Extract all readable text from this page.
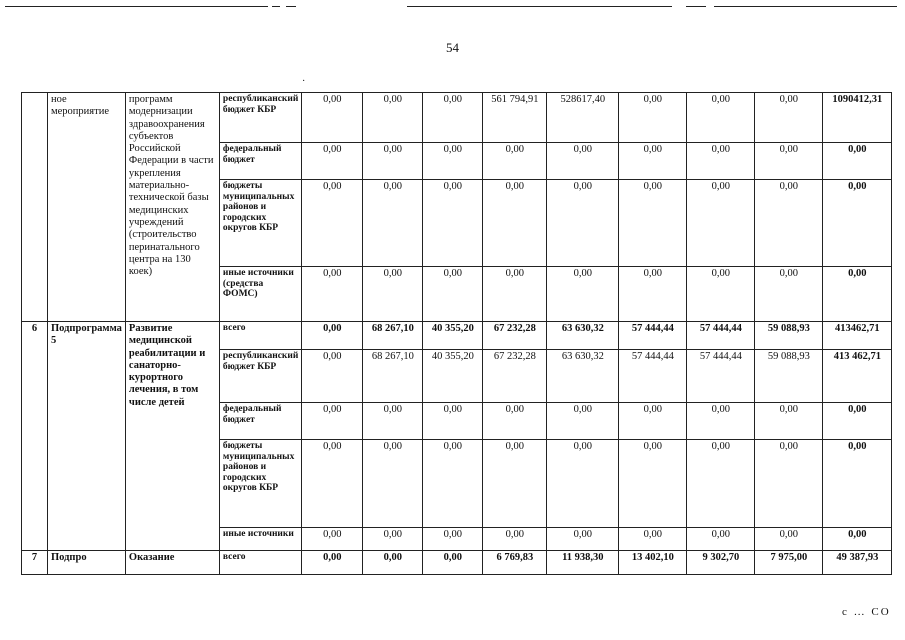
54
·
	ное мероприятие	программ модернизации здравоохранения субъектов Российской Федерации в части укрепления материально-технической базы медицинских учреждений (строительство перинатального центра на 130 коек)	республиканский бюджет КБР	0,00	0,00	0,00	561 794,91	528617,40	0,00	0,00	0,00	1090412,31
			федеральный бюджет	0,00	0,00	0,00	0,00	0,00	0,00	0,00	0,00	0,00
			бюджеты муниципальных районов и городских округов КБР	0,00	0,00	0,00	0,00	0,00	0,00	0,00	0,00	0,00
			иные источники (средства ФОМС)	0,00	0,00	0,00	0,00	0,00	0,00	0,00	0,00	0,00
6	Подпрограмма 5	Развитие медицинской реабилитации и санаторно-курортного лечения, в том числе детей	всего	0,00	68 267,10	40 355,20	67 232,28	63 630,32	57 444,44	57 444,44	59 088,93	413462,71
			республиканский бюджет КБР	0,00	68 267,10	40 355,20	67 232,28	63 630,32	57 444,44	57 444,44	59 088,93	413 462,71
			федеральный бюджет	0,00	0,00	0,00	0,00	0,00	0,00	0,00	0,00	0,00
			бюджеты муниципальных районов и городских округов КБР	0,00	0,00	0,00	0,00	0,00	0,00	0,00	0,00	0,00
			иные источники	0,00	0,00	0,00	0,00	0,00	0,00	0,00	0,00	0,00
7	Подпро	Оказание	всего	0,00	0,00	0,00	6 769,83	11 938,30	13 402,10	9 302,70	7 975,00	49 387,93
с … СО
